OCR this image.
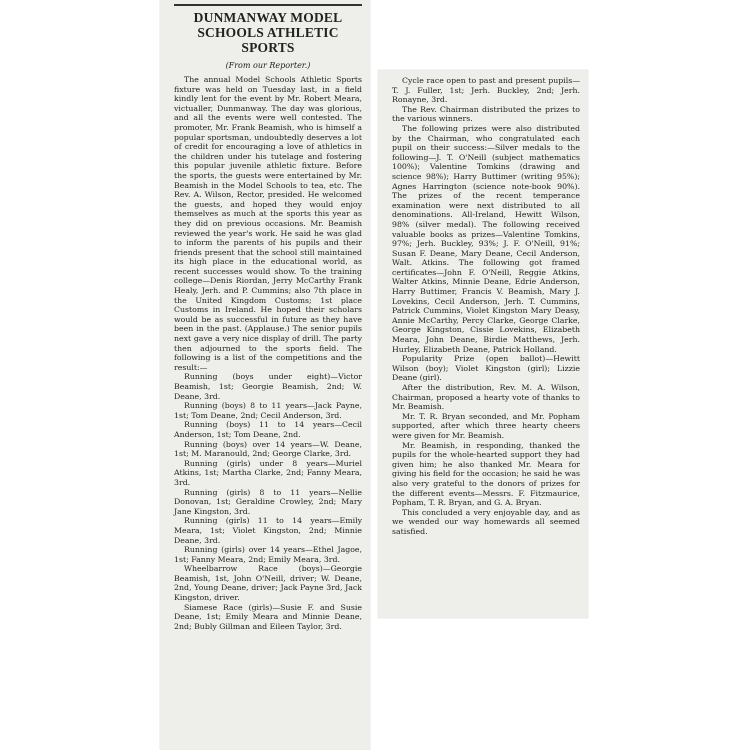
DUNMANWAY MODEL
SCHOOLS ATHLETIC SPORTS
(From our Reporter.)

The annual Model Schools Athletic Sports fixture was held on Tuesday last, in a field kindly lent for the event by Mr. Robert Meara, victualler, Dunmanway. The day was glorious, and all the events were well contested. The promoter, Mr. Frank Beamish, who is himself a popular sportsman, undoubtedly deserves a lot of credit for encouraging a love of athletics in the children under his tutelage and fostering this popular juvenile athletic fixture. Before the sports, the guests were entertained by Mr. Beamish in the Model Schools to tea, etc. The Rev. A. Wilson, Rector, presided. He welcomed the guests, and hoped they would enjoy themselves as much at the sports this year as they did on previous occasions. Mr. Beamish reviewed the year's work. He said he was glad to inform the parents of his pupils and their friends present that the school still maintained its high place in the educational world, as recent successes would show. To the training college—Denis Riordan, Jerry McCarthy Frank Healy, Jerh. and P. Cummins; also 7th place in the United Kingdom Customs; 1st place Customs in Ireland. He hoped their scholars would be as successful in future as they have been in the past. (Applause.) The senior pupils next gave a very nice display of drill. The party then adjourned to the sports field. The following is a list of the competitions and the result:—

Running (boys under eight)—Victor Beamish, 1st; Georgie Beamish, 2nd; W. Deane, 3rd.

Running (boys) 8 to 11 years—Jack Payne, 1st; Tom Deane, 2nd; Cecil Anderson, 3rd.

Running (boys) 11 to 14 years—Cecil Anderson, 1st; Tom Deane, 2nd.

Running (boys) over 14 years—W. Deane, 1st; M. Maranould, 2nd; George Clarke, 3rd.

Running (girls) under 8 years—Muriel Atkins, 1st; Martha Clarke, 2nd; Fanny Meara, 3rd.

Running (girls) 8 to 11 years—Nellie Donovan, 1st; Geraldine Crowley, 2nd; Mary Jane Kingston, 3rd.

Running (girls) 11 to 14 years—Emily Meara, 1st; Violet Kingston, 2nd; Minnie Deane, 3rd.

Running (girls) over 14 years—Ethel Jagoe, 1st; Fanny Meara, 2nd; Emily Meara, 3rd.

Wheelbarrow Race (boys)—Georgie Beamish, 1st, John O'Neill, driver; W. Deane, 2nd, Young Deane, driver; Jack Payne 3rd, Jack Kingston, driver.

Siamese Race (girls)—Susie F. and Susie Deane, 1st; Emily Meara and Minnie Deane, 2nd; Bubly Gillman and Eileen Taylor, 3rd.

Cycle race open to past and present pupils—T. J. Fuller, 1st; Jerh. Buckley, 2nd; Jerh. Ronayne, 3rd.

The Rev. Chairman distributed the prizes to the various winners.

The following prizes were also distributed by the Chairman, who congratulated each pupil on their success:—Silver medals to the following—J. T. O'Neill (subject mathematics 100%); Valentine Tomkins (drawing and science 98%); Harry Buttimer (writing 95%); Agnes Harrington (science note-book 90%). The prizes of the recent temperance examination were next distributed to all denominations. All-Ireland, Hewitt Wilson, 98% (silver medal). The following received valuable books as prizes—Valentine Tomkins, 97%; Jerh. Buckley, 93%; J. F. O'Neill, 91%; Susan F. Deane, Mary Deane, Cecil Anderson, Walt. Atkins. The following got framed certificates—John F. O'Neill, Reggie Atkins, Walter Atkins, Minnie Deane, Edrie Anderson, Harry Buttimer, Francis V. Beamish, Mary J. Lovekins, Cecil Anderson, Jerh. T. Cummins, Patrick Cummins, Violet Kingston Mary Deasy, Annie McCarthy, Percy Clarke, George Clarke, George Kingston, Cissie Lovekins, Elizabeth Meara, John Deane, Birdie Matthews, Jerh. Hurley, Elizabeth Deane, Patrick Holland.

Popularity Prize (open ballot)—Hewitt Wilson (boy); Violet Kingston (girl); Lizzie Deane (girl).

After the distribution, Rev. M. A. Wilson, Chairman, proposed a hearty vote of thanks to Mr. Beamish.

Mr. T. R. Bryan seconded, and Mr. Popham supported, after which three hearty cheers were given for Mr. Beamish.

Mr. Beamish, in responding, thanked the pupils for the whole-hearted support they had given him; he also thanked Mr. Meara for giving his field for the occasion; he said he was also very grateful to the donors of prizes for the different events—Messrs. F. Fitzmaurice, Popham, T. R. Bryan, and G. A. Bryan.

This concluded a very enjoyable day, and as we wended our way homewards all seemed satisfied.
